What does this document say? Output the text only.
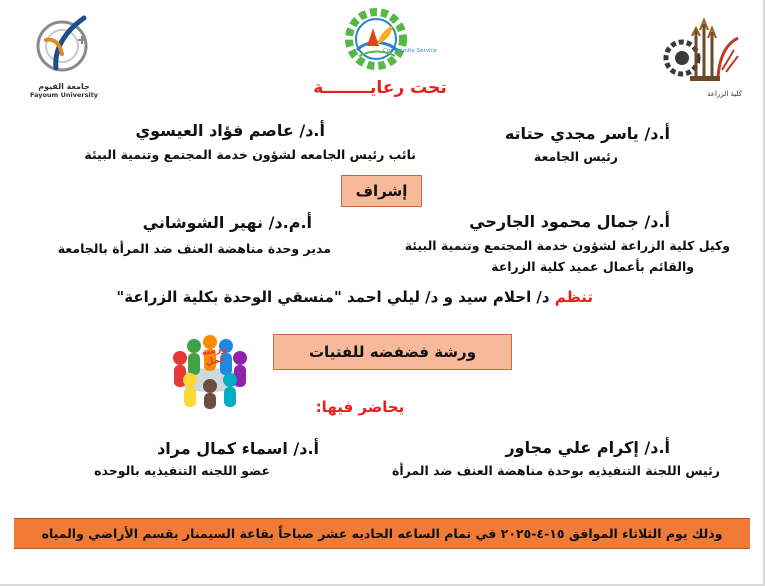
جامعة الفيوم
Fayoum University
Community Service
كلية الزراعة
تحت رعايــــــــة
أ.د/ ياسر مجدي حتاته
رئيس الجامعة
أ.د/ عاصم فؤاد العيسوي
نائب رئيس الجامعه لشؤون خدمة المجتمع وتنمية البيئة
إشراف
أ.د/ جمال محمود الجارحي
وكيل كلية الزراعة لشؤون خدمة المجتمع وتنمية البيئة
والقائم بأعمال عميد كلية الزراعة
أ.م.د/ نهير الشوشاني
مدير وحدة مناهضة العنف ضد المرأة بالجامعة
تنظم د/ احلام سيد و د/ ليلي احمد "منسقي الوحدة بكلية الزراعة"
ورشة عمل	ورشة فضفضه للفتيات
يحاضر فيها:
أ.د/ إكرام علي مجاور
رئيس اللجنة التنفيذيه بوحدة مناهضة العنف ضد المرأة
أ.د/ اسماء كمال مراد
عضو اللجنه التنفيذيه بالوحده
وذلك يوم الثلاثاء الموافق ١٥-٤-٢٠٢٥ في تمام الساعه الحاديه عشر صباحاً بقاعة السيمنار بقسم الأراضي والمياه
